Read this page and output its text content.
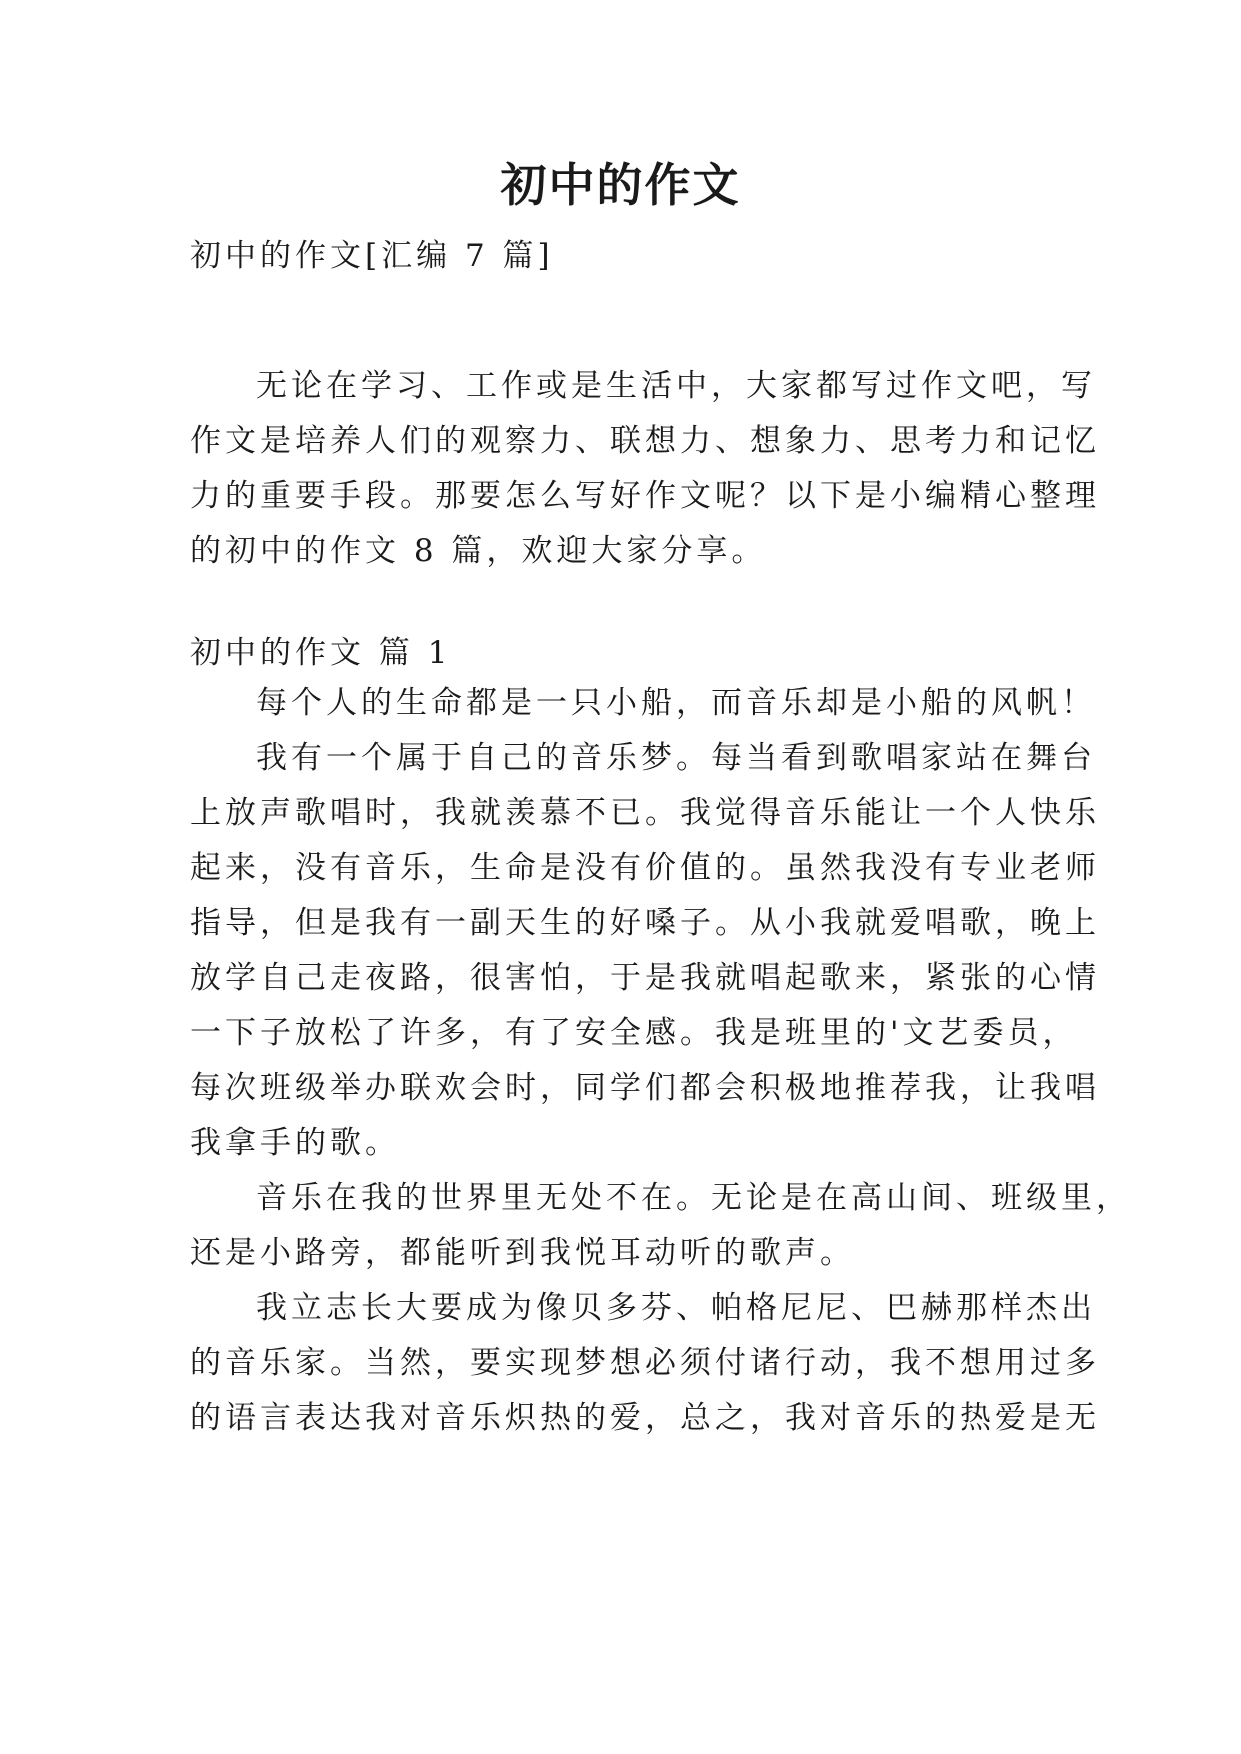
初中的作文
初中的作文[汇编 7 篇]
无论在学习、工作或是生活中，大家都写过作文吧，写
作文是培养人们的观察力、联想力、想象力、思考力和记忆
力的重要手段。那要怎么写好作文呢？以下是小编精心整理
的初中的作文 8 篇，欢迎大家分享。
初中的作文 篇 1
每个人的生命都是一只小船，而音乐却是小船的风帆！
我有一个属于自己的音乐梦。每当看到歌唱家站在舞台
上放声歌唱时，我就羡慕不已。我觉得音乐能让一个人快乐
起来，没有音乐，生命是没有价值的。虽然我没有专业老师
指导，但是我有一副天生的好嗓子。从小我就爱唱歌，晚上
放学自己走夜路，很害怕，于是我就唱起歌来，紧张的心情
一下子放松了许多，有了安全感。我是班里的'文艺委员，
每次班级举办联欢会时，同学们都会积极地推荐我，让我唱
我拿手的歌。
音乐在我的世界里无处不在。无论是在高山间、班级里，
还是小路旁，都能听到我悦耳动听的歌声。
我立志长大要成为像贝多芬、帕格尼尼、巴赫那样杰出
的音乐家。当然，要实现梦想必须付诸行动，我不想用过多
的语言表达我对音乐炽热的爱，总之，我对音乐的热爱是无
